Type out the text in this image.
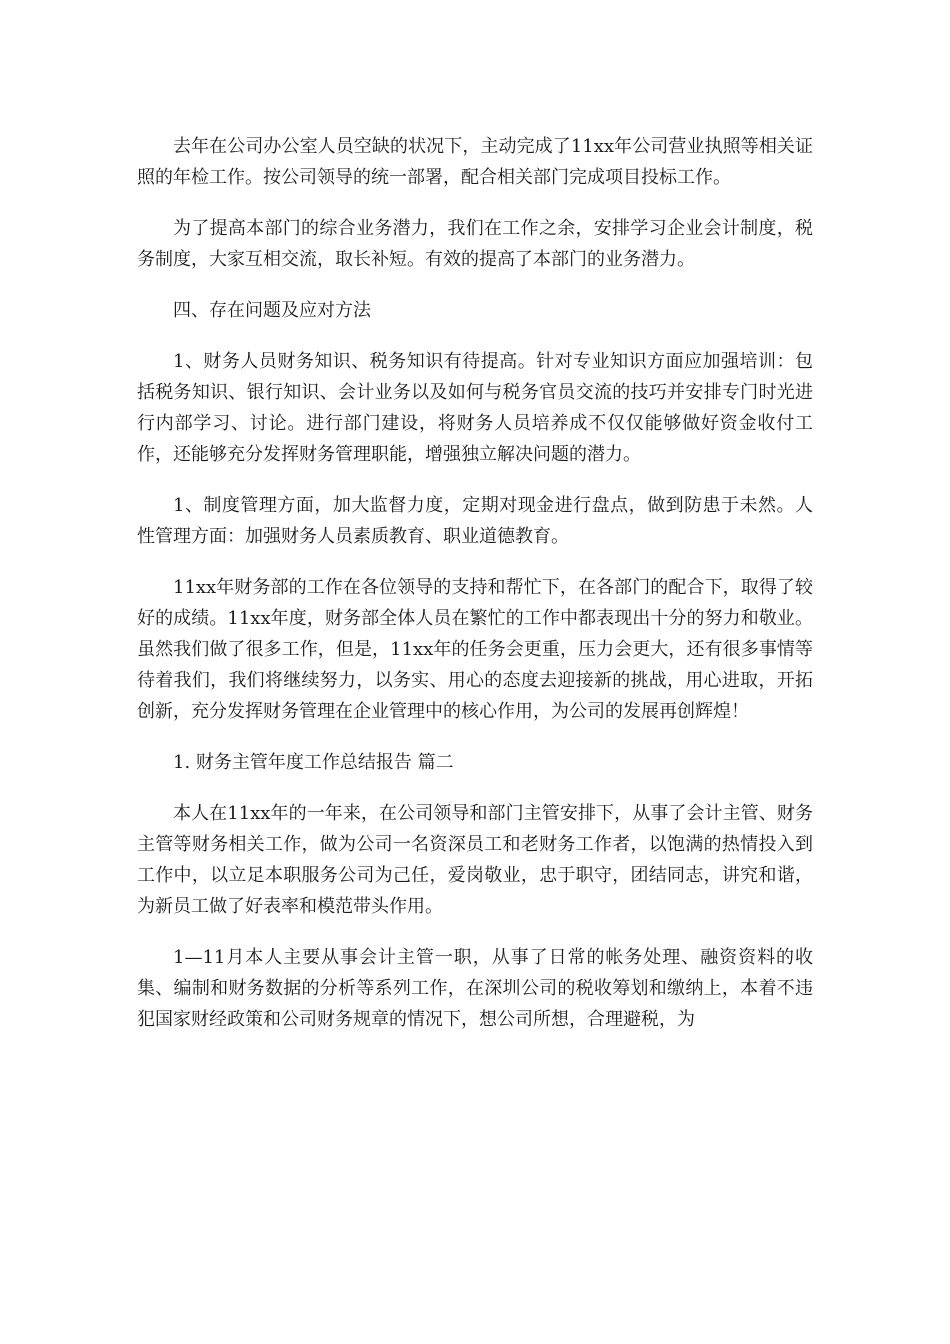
去年在公司办公室人员空缺的状况下，主动完成了11xx年公司营业执照等相关证照的年检工作。按公司领导的统一部署，配合相关部门完成项目投标工作。

为了提高本部门的综合业务潜力，我们在工作之余，安排学习企业会计制度，税务制度，大家互相交流，取长补短。有效的提高了本部门的业务潜力。

四、存在问题及应对方法

1、财务人员财务知识、税务知识有待提高。针对专业知识方面应加强培训：包括税务知识、银行知识、会计业务以及如何与税务官员交流的技巧并安排专门时光进行内部学习、讨论。进行部门建设，将财务人员培养成不仅仅能够做好资金收付工作，还能够充分发挥财务管理职能，增强独立解决问题的潜力。

1、制度管理方面，加大监督力度，定期对现金进行盘点，做到防患于未然。人性管理方面：加强财务人员素质教育、职业道德教育。

11xx年财务部的工作在各位领导的支持和帮忙下，在各部门的配合下，取得了较好的成绩。11xx年度，财务部全体人员在繁忙的工作中都表现出十分的努力和敬业。虽然我们做了很多工作，但是，11xx年的任务会更重，压力会更大，还有很多事情等待着我们，我们将继续努力，以务实、用心的态度去迎接新的挑战，用心进取，开拓创新，充分发挥财务管理在企业管理中的核心作用，为公司的发展再创辉煌！

1. 财务主管年度工作总结报告 篇二

本人在11xx年的一年来，在公司领导和部门主管安排下，从事了会计主管、财务主管等财务相关工作，做为公司一名资深员工和老财务工作者，以饱满的热情投入到工作中，以立足本职服务公司为己任，爱岗敬业，忠于职守，团结同志，讲究和谐，为新员工做了好表率和模范带头作用。

1—11月本人主要从事会计主管一职，从事了日常的帐务处理、融资资料的收集、编制和财务数据的分析等系列工作，在深圳公司的税收筹划和缴纳上，本着不违犯国家财经政策和公司财务规章的情况下，想公司所想，合理避税，为
